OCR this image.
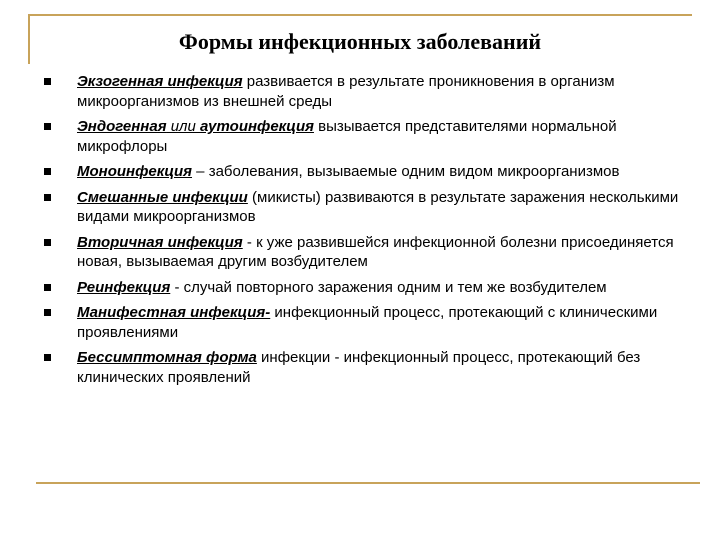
Формы инфекционных заболеваний
Экзогенная инфекция развивается в результате проникновения в организм микроорганизмов из внешней среды
Эндогенная или аутоинфекция вызывается представителями нормальной микрофлоры
Моноинфекция – заболевания, вызываемые одним видом микроорганизмов
Смешанные инфекции (микисты) развиваются в результате заражения несколькими видами микроорганизмов
Вторичная инфекция - к уже развившейся инфекционной болезни присоединяется новая, вызываемая другим возбудителем
Реинфекция - случай повторного заражения одним и тем же возбудителем
Манифестная инфекция- инфекционный процесс, протекающий с клиническими проявлениями
Бессимптомная форма инфекции - инфекционный процесс, протекающий без клинических проявлений
